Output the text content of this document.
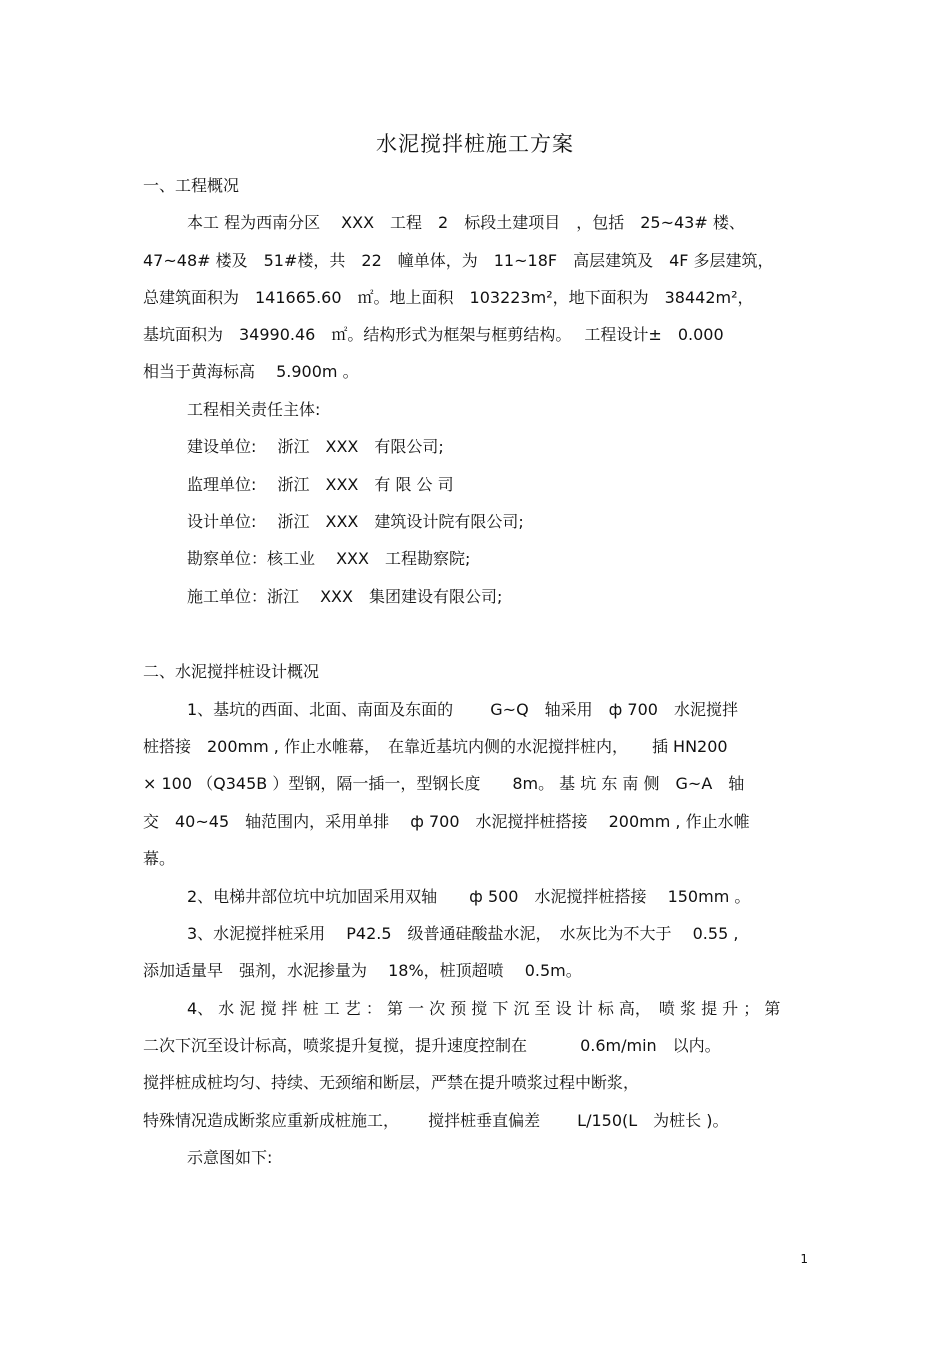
水泥搅拌桩施工方案
一、工程概况
本工 程为西南分区　 XXX　工程　2　标段土建项目　，包括　25~43# 楼、
47~48# 楼及　51#楼，共　22　幢单体，为　11~18F　高层建筑及　4F 多层建筑，
总建筑面积为　141665.60　㎡。地上面积　103223m²，地下面积为　38442m²，
基坑面积为　34990.46　㎡。结构形式为框架与框剪结构。　 工程设计±　0.000
相当于黄海标高　 5.900m 。
工程相关责任主体:
建设单位:　 浙江　XXX　有限公司;
监理单位:　 浙江　XXX　有 限 公 司
设计单位:　 浙江　XXX　建筑设计院有限公司;
勘察单位：核工业　 XXX　工程勘察院;
施工单位：浙江　 XXX　集团建设有限公司;
二、水泥搅拌桩设计概况
1、基坑的西面、北面、南面及东面的　　 G~Q　轴采用　ф 700　水泥搅拌
桩搭接　200mm , 作止水帷幕，　在靠近基坑内侧的水泥搅拌桩内，　　插 HN200
× 100 （Q345B ）型钢，隔一插一，型钢长度　　8m。 基 坑 东 南 侧　G~A　轴
交　40~45　轴范围内，采用单排　 ф 700　水泥搅拌桩搭接　 200mm , 作止水帷
幕。
2、电梯井部位坑中坑加固采用双轴　　ф 500　水泥搅拌桩搭接　 150mm 。
3、水泥搅拌桩采用　 P42.5　级普通硅酸盐水泥，　水灰比为不大于　 0.55 ,
添加适量早　强剂，水泥掺量为　 18%，桩顶超喷　 0.5m。
4、 水 泥 搅 拌 桩 工 艺 ： 第 一 次 预 搅 下 沉 至 设 计 标 高，　喷 浆 提 升 ； 第
二次下沉至设计标高，喷浆提升复搅，提升速度控制在　　　 0.6m/min　以内。
搅拌桩成桩均匀、持续、无颈缩和断层，严禁在提升喷浆过程中断浆，
特殊情况造成断浆应重新成桩施工，　　 搅拌桩垂直偏差　　 L/150(L　为桩长 )。
示意图如下:
1
